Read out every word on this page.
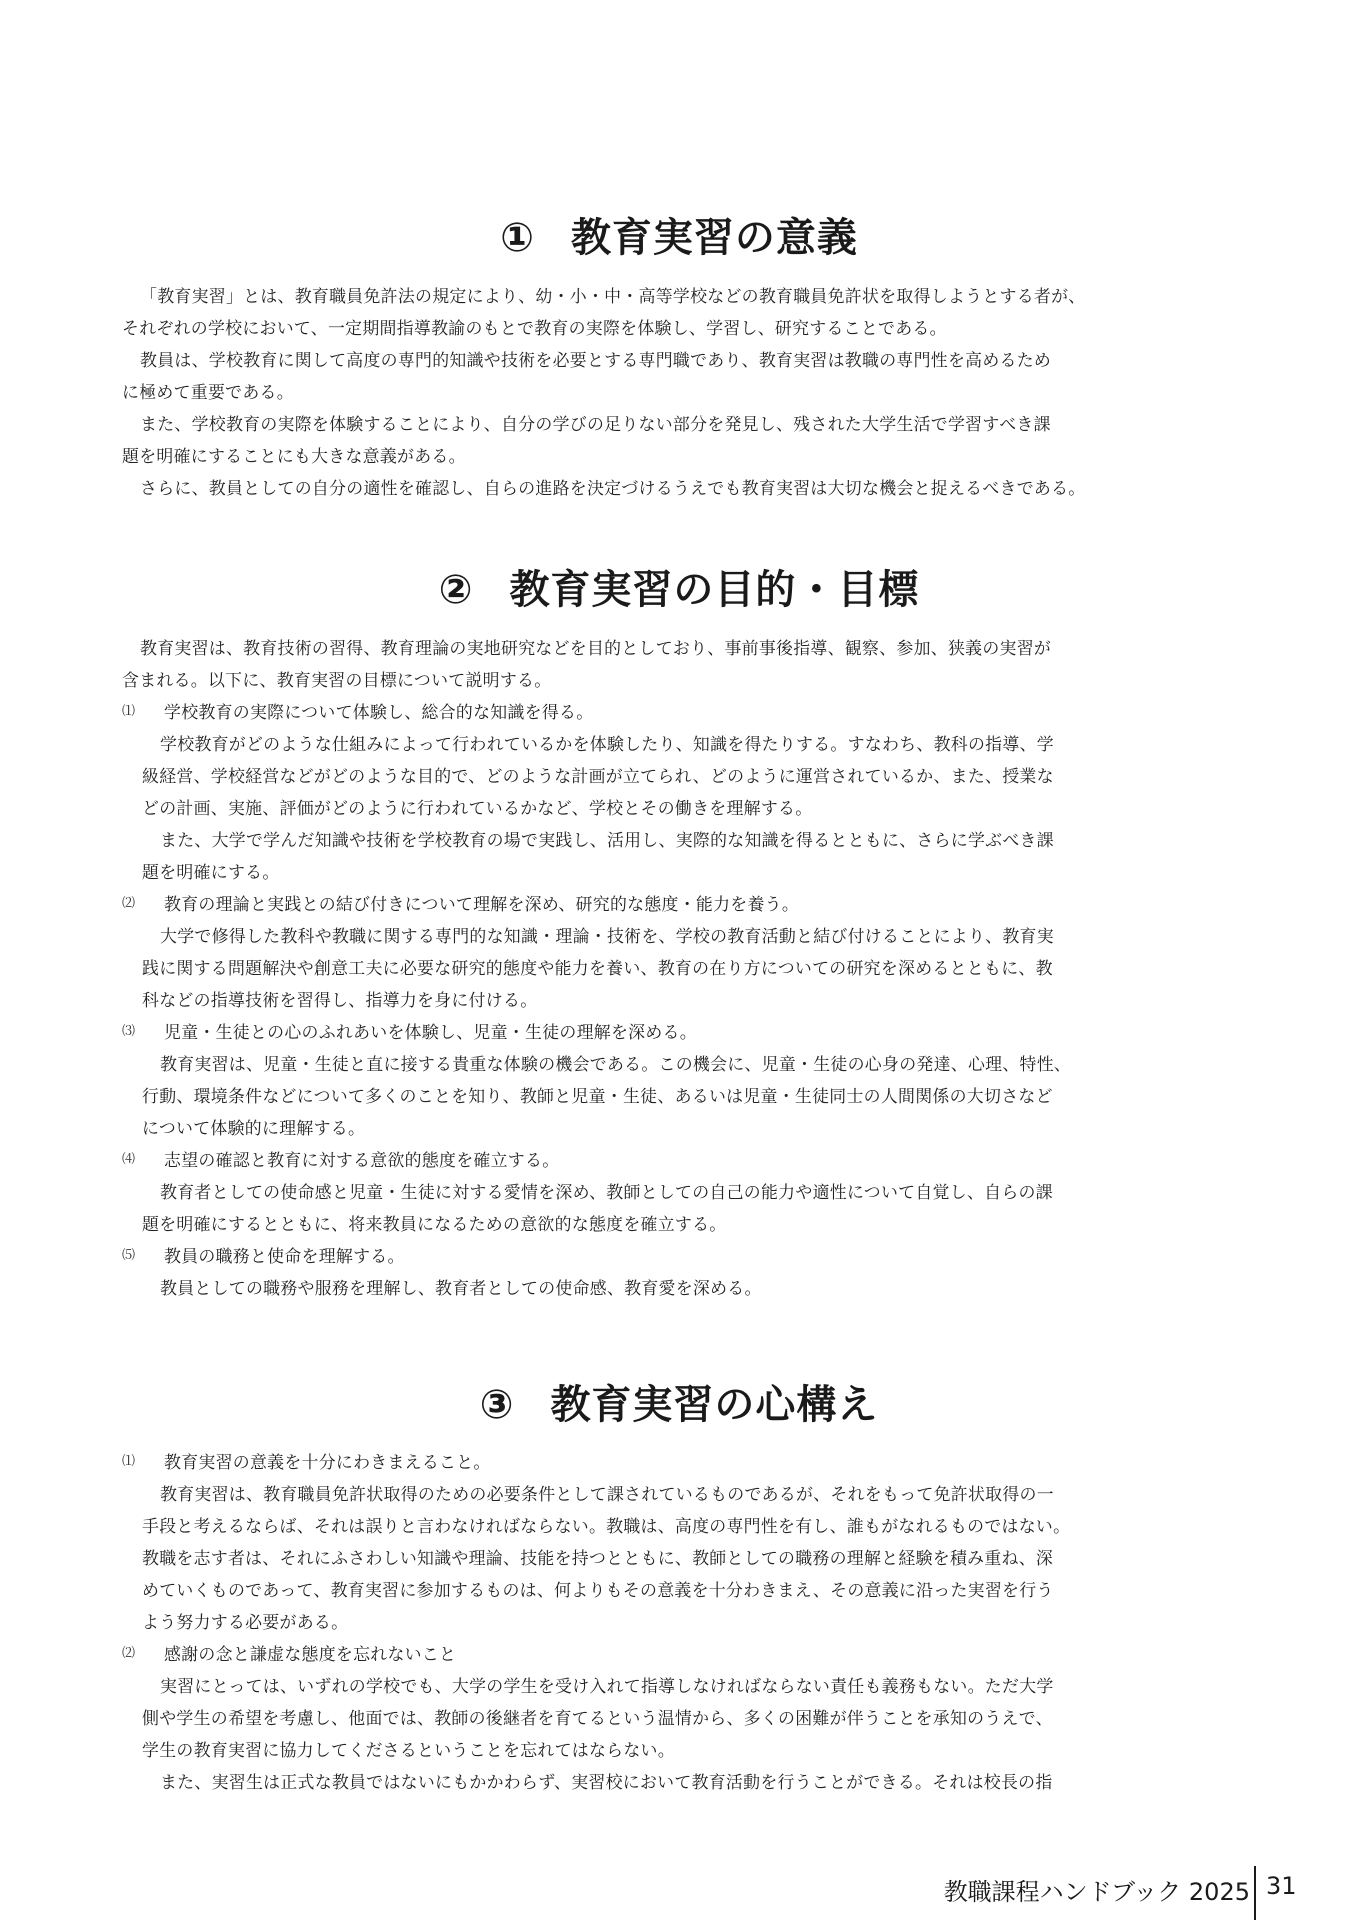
① 教育実習の意義

「教育実習」とは、教育職員免許法の規定により、幼・小・中・高等学校などの教育職員免許状を取得しようとする者が、

それぞれの学校において、一定期間指導教諭のもとで教育の実際を体験し、学習し、研究することである。

教員は、学校教育に関して高度の専門的知識や技術を必要とする専門職であり、教育実習は教職の専門性を高めるため

に極めて重要である。

また、学校教育の実際を体験することにより、自分の学びの足りない部分を発見し、残された大学生活で学習すべき課

題を明確にすることにも大きな意義がある。

さらに、教員としての自分の適性を確認し、自らの進路を決定づけるうえでも教育実習は大切な機会と捉えるべきである。

② 教育実習の目的・目標

教育実習は、教育技術の習得、教育理論の実地研究などを目的としており、事前事後指導、観察、参加、狭義の実習が

含まれる。以下に、教育実習の目標について説明する。

⑴ 学校教育の実際について体験し、総合的な知識を得る。

学校教育がどのような仕組みによって行われているかを体験したり、知識を得たりする。すなわち、教科の指導、学

級経営、学校経営などがどのような目的で、どのような計画が立てられ、どのように運営されているか、また、授業な

どの計画、実施、評価がどのように行われているかなど、学校とその働きを理解する。

また、大学で学んだ知識や技術を学校教育の場で実践し、活用し、実際的な知識を得るとともに、さらに学ぶべき課

題を明確にする。

⑵ 教育の理論と実践との結び付きについて理解を深め、研究的な態度・能力を養う。

大学で修得した教科や教職に関する専門的な知識・理論・技術を、学校の教育活動と結び付けることにより、教育実

践に関する問題解決や創意工夫に必要な研究的態度や能力を養い、教育の在り方についての研究を深めるとともに、教

科などの指導技術を習得し、指導力を身に付ける。

⑶ 児童・生徒との心のふれあいを体験し、児童・生徒の理解を深める。

教育実習は、児童・生徒と直に接する貴重な体験の機会である。この機会に、児童・生徒の心身の発達、心理、特性、

行動、環境条件などについて多くのことを知り、教師と児童・生徒、あるいは児童・生徒同士の人間関係の大切さなど

について体験的に理解する。

⑷ 志望の確認と教育に対する意欲的態度を確立する。

教育者としての使命感と児童・生徒に対する愛情を深め、教師としての自己の能力や適性について自覚し、自らの課

題を明確にするとともに、将来教員になるための意欲的な態度を確立する。

⑸ 教員の職務と使命を理解する。

教員としての職務や服務を理解し、教育者としての使命感、教育愛を深める。

③ 教育実習の心構え

⑴ 教育実習の意義を十分にわきまえること。

教育実習は、教育職員免許状取得のための必要条件として課されているものであるが、それをもって免許状取得の一

手段と考えるならば、それは誤りと言わなければならない。教職は、高度の専門性を有し、誰もがなれるものではない。

教職を志す者は、それにふさわしい知識や理論、技能を持つとともに、教師としての職務の理解と経験を積み重ね、深

めていくものであって、教育実習に参加するものは、何よりもその意義を十分わきまえ、その意義に沿った実習を行う

よう努力する必要がある。

⑵ 感謝の念と謙虚な態度を忘れないこと

実習にとっては、いずれの学校でも、大学の学生を受け入れて指導しなければならない責任も義務もない。ただ大学

側や学生の希望を考慮し、他面では、教師の後継者を育てるという温情から、多くの困難が伴うことを承知のうえで、

学生の教育実習に協力してくださるということを忘れてはならない。

また、実習生は正式な教員ではないにもかかわらず、実習校において教育活動を行うことができる。それは校長の指

教職課程ハンドブック 2025 31
